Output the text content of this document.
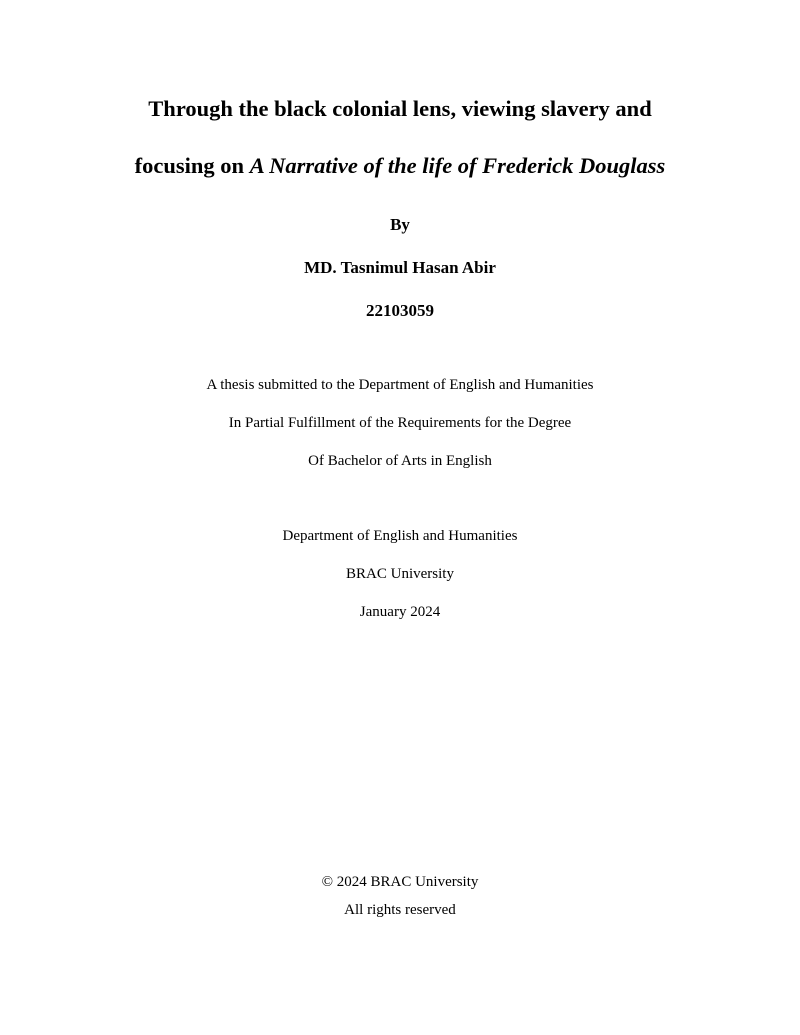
Through the black colonial lens, viewing slavery and
focusing on A Narrative of the life of Frederick Douglass

By

MD. Tasnimul Hasan Abir

22103059

A thesis submitted to the Department of English and Humanities

In Partial Fulfillment of the Requirements for the Degree

Of Bachelor of Arts in English

Department of English and Humanities

BRAC University

January 2024

© 2024 BRAC University

All rights reserved
